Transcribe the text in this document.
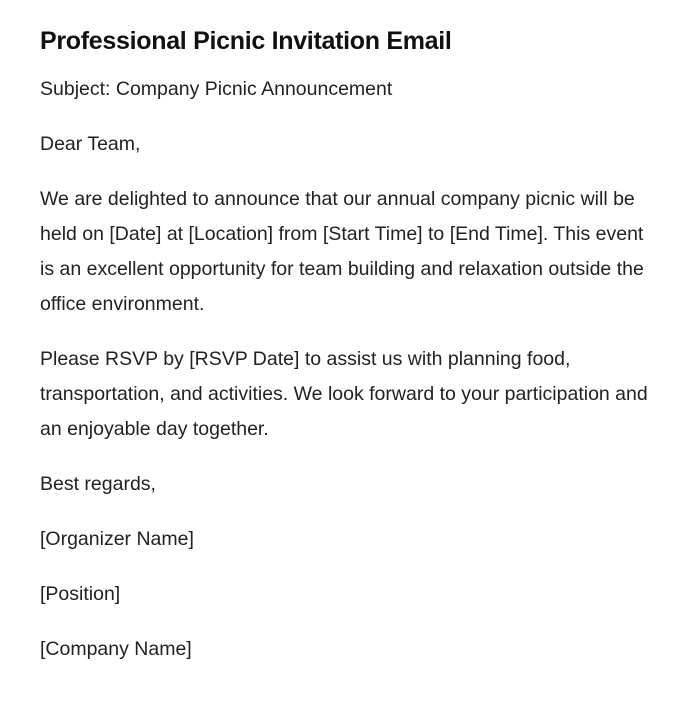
Professional Picnic Invitation Email

Subject: Company Picnic Announcement

Dear Team,

We are delighted to announce that our annual company picnic will be held on [Date] at [Location] from [Start Time] to [End Time]. This event is an excellent opportunity for team building and relaxation outside the office environment.

Please RSVP by [RSVP Date] to assist us with planning food, transportation, and activities. We look forward to your participation and an enjoyable day together.

Best regards,

[Organizer Name]

[Position]

[Company Name]
